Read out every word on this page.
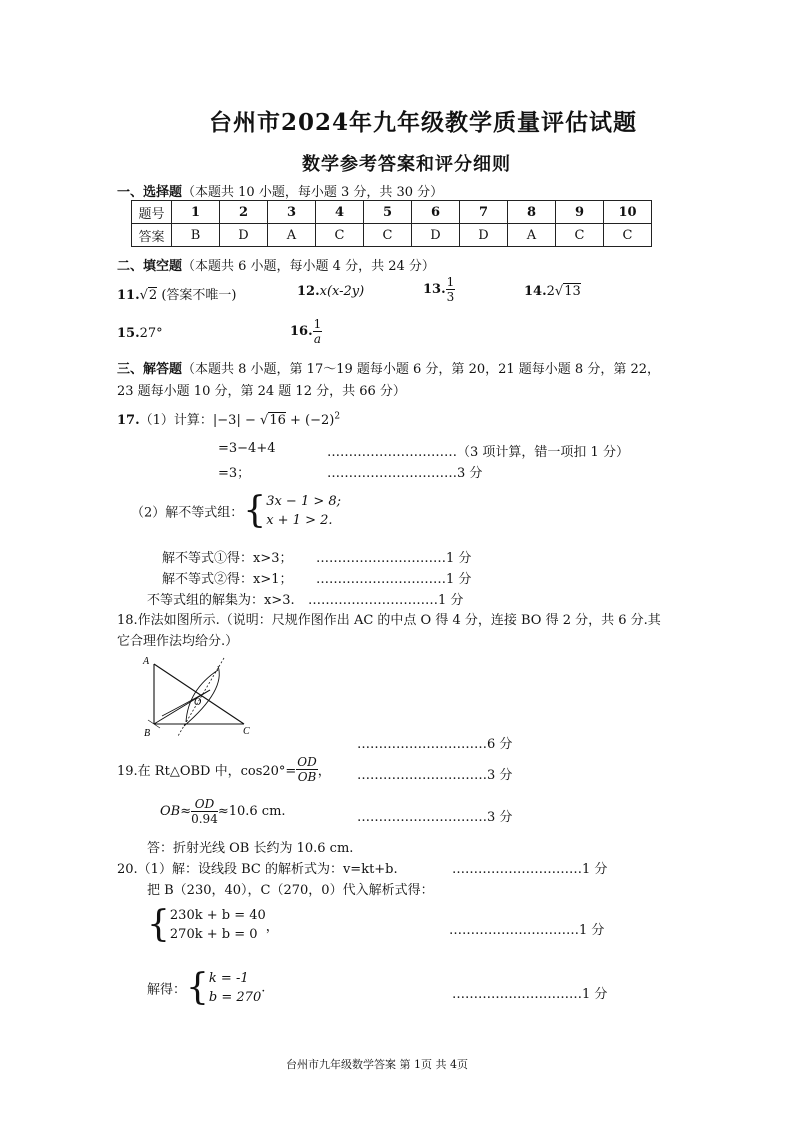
台州市2024年九年级教学质量评估试题
数学参考答案和评分细则
一、选择题（本题共 10 小题，每小题 3 分，共 30 分）
题号	1	2	3	4	5	6	7	8	9	10
答案	B	D	A	C	C	D	D	A	C	C
二、填空题（本题共 6 小题，每小题 4 分，共 24 分）
11.√2 (答案不唯一)	12.x(x-2y)	13. $\frac{1}{3}$	14.2√13
15.27°	16. $\frac{1}{a}$
三、解答题（本题共 8 小题，第 17～19 题每小题 6 分，第 20，21 题每小题 8 分，第 22，
23 题每小题 10 分，第 24 题 12 分，共 66 分）
17.（1）计算：$|-3| - √16 + (-2)^2$
=3−4+4	…………………………（3 项计算，错一项扣 1 分）
=3；	…………………………3 分
（2）解不等式组：{ 3x − 1 > 8;
x + 1 > 2.
解不等式①得：x>3； …………………………1 分
解不等式②得：x>1； …………………………1 分
不等式组的解集为：x>3. …………………………1 分
18.作法如图所示.（说明：尺规作图作出 AC 的中点 O 得 4 分，连接 BO 得 2 分，共 6 分.其
它合理作法均给分.）
A
B	C
O
…………………………6 分
19.在 Rt△OBD 中，$\cos 20^\circ= \frac{OD}{OB}$ ， …………………………3 分
$OB\approx \frac{OD}{0.94} \approx 10.6$ cm.	…………………………3 分
答：折射光线 OB 长约为 10.6 cm.
20.（1）解：设线段 BC 的解析式为：v=kt+b.	…………………………1 分
把 B（230，40），C（270，0）代入解析式得：
{ 230k + b = 40
270k + b = 0 ，	…………………………1 分
解得：{ k = -1
b = 270
.	…………………………1 分
台州市九年级数学答案 第 1页 共 4页
